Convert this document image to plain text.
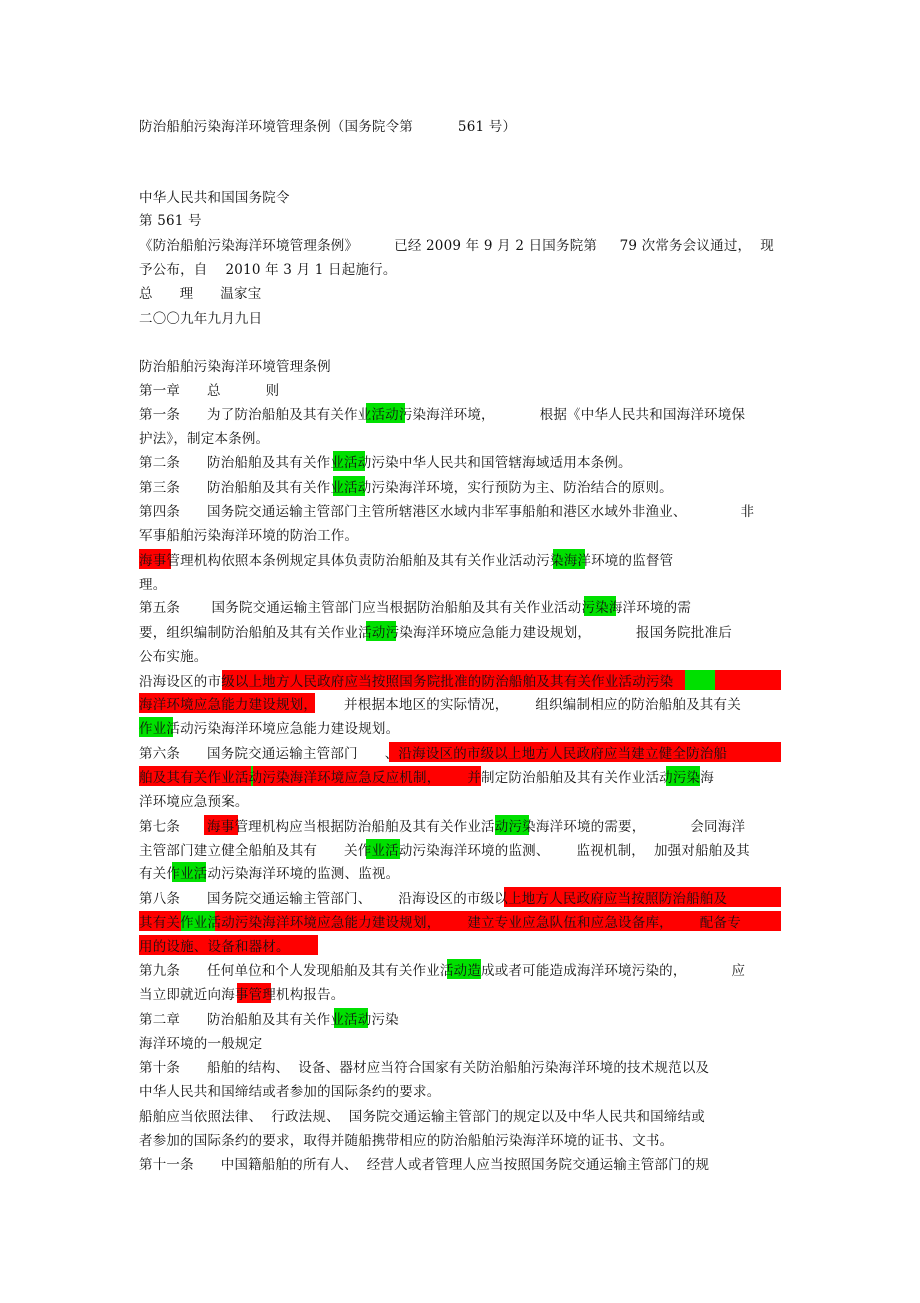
防治船舶污染海洋环境管理条例（国务院令第          561 号）
中华人民共和国国务院令
第 561 号
《防治船舶污染海洋环境管理条例》        已经 2009 年 9 月 2 日国务院第     79 次常务会议通过，  现
予公布，自    2010 年 3 月 1 日起施行。
总      理      温家宝
二〇〇九年九月九日
防治船舶污染海洋环境管理条例
第一章      总          则
第一条      为了防治船舶及其有关作业活动污染海洋环境，          根据《中华人民共和国海洋环境保
护法》，制定本条例。
第二条      防治船舶及其有关作业活动污染中华人民共和国管辖海域适用本条例。
第三条      防治船舶及其有关作业活动污染海洋环境，实行预防为主、防治结合的原则。
第四条      国务院交通运输主管部门主管所辖港区水域内非军事船舶和港区水域外非渔业、            非
军事船舶污染海洋环境的防治工作。
海事管理机构依照本条例规定具体负责防治船舶及其有关作业活动污染海洋环境的监督管
理。
第五条       国务院交通运输主管部门应当根据防治船舶及其有关作业活动污染海洋环境的需
要，组织编制防治船舶及其有关作业活动污染海洋环境应急能力建设规划，          报国务院批准后
公布实施。
沿海设区的市级以上地方人民政府应当按照国务院批准的防治船舶及其有关作业活动污染
海洋环境应急能力建设规划，      并根据本地区的实际情况，      组织编制相应的防治船舶及其有关
作业活动污染海洋环境应急能力建设规划。
第六条      国务院交通运输主管部门      、沿海设区的市级以上地方人民政府应当建立健全防治船
舶及其有关作业活动污染海洋环境应急反应机制，      并制定防治船舶及其有关作业活动污染海
洋环境应急预案。
第七条      海事管理机构应当根据防治船舶及其有关作业活动污染海洋环境的需要，          会同海洋
主管部门建立健全船舶及其有      关作业活动污染海洋环境的监测、      监视机制，  加强对船舶及其
有关作业活动污染海洋环境的监测、监视。
第八条      国务院交通运输主管部门、      沿海设区的市级以上地方人民政府应当按照防治船舶及
其有关作业活动污染海洋环境应急能力建设规划，      建立专业应急队伍和应急设备库，      配备专
用的设施、设备和器材。
第九条      任何单位和个人发现船舶及其有关作业活动造成或者可能造成海洋环境污染的，          应
当立即就近向海事管理机构报告。
第二章      防治船舶及其有关作业活动污染
海洋环境的一般规定
第十条      船舶的结构、  设备、器材应当符合国家有关防治船舶污染海洋环境的技术规范以及
中华人民共和国缔结或者参加的国际条约的要求。
船舶应当依照法律、  行政法规、  国务院交通运输主管部门的规定以及中华人民共和国缔结或
者参加的国际条约的要求，取得并随船携带相应的防治船舶污染海洋环境的证书、文书。
第十一条      中国籍船舶的所有人、  经营人或者管理人应当按照国务院交通运输主管部门的规
